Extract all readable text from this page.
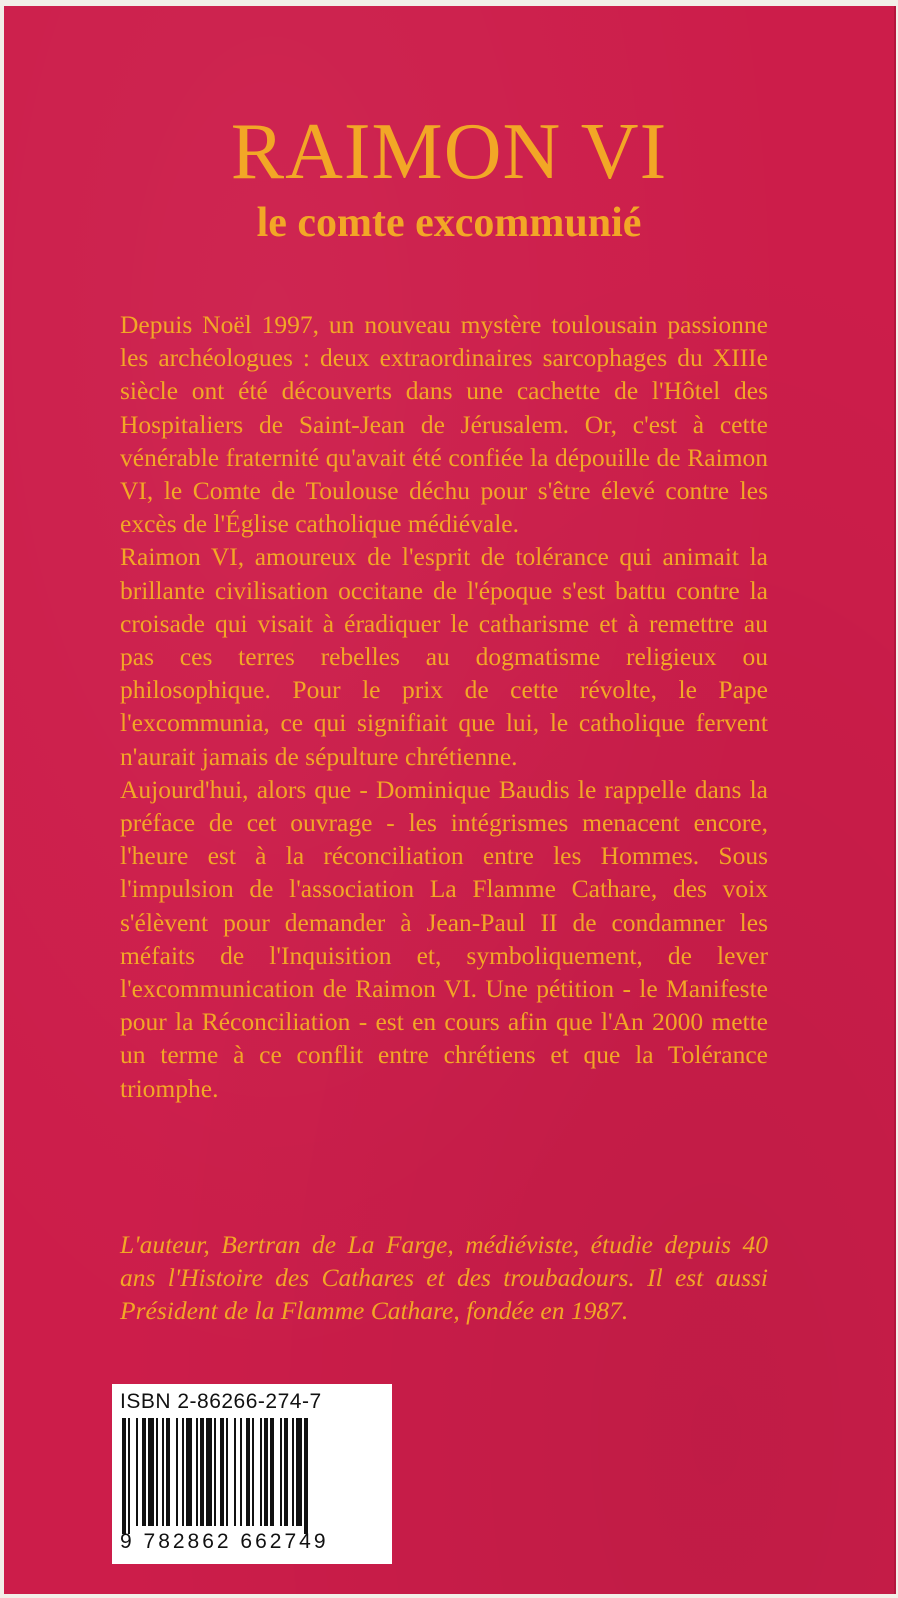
RAIMON VI
le comte excommunié

Depuis Noël 1997, un nouveau mystère toulousain passionne les archéologues : deux extraordinaires sarcophages du XIIIe siècle ont été découverts dans une cachette de l'Hôtel des Hospitaliers de Saint-Jean de Jérusalem. Or, c'est à cette vénérable fraternité qu'avait été confiée la dépouille de Raimon VI, le Comte de Toulouse déchu pour s'être élevé contre les excès de l'Église catholique médiévale.

Raimon VI, amoureux de l'esprit de tolérance qui animait la brillante civilisation occitane de l'époque s'est battu contre la croisade qui visait à éradiquer le catharisme et à remettre au pas ces terres rebelles au dogmatisme religieux ou philosophique. Pour le prix de cette révolte, le Pape l'excommunia, ce qui signifiait que lui, le catholique fervent n'aurait jamais de sépulture chrétienne.

Aujourd'hui, alors que - Dominique Baudis le rappelle dans la préface de cet ouvrage - les intégrismes menacent encore, l'heure est à la réconciliation entre les Hommes. Sous l'impulsion de l'association La Flamme Cathare, des voix s'élèvent pour demander à Jean-Paul II de condamner les méfaits de l'Inquisition et, symboliquement, de lever l'excommunication de Raimon VI. Une pétition - le Manifeste pour la Réconciliation - est en cours afin que l'An 2000 mette un terme à ce conflit entre chrétiens et que la Tolérance triomphe.

L'auteur, Bertran de La Farge, médiéviste, étudie depuis 40 ans l'Histoire des Cathares et des troubadours. Il est aussi Président de la Flamme Cathare, fondée en 1987.

ISBN 2-86266-274-7
9 782862 662749
